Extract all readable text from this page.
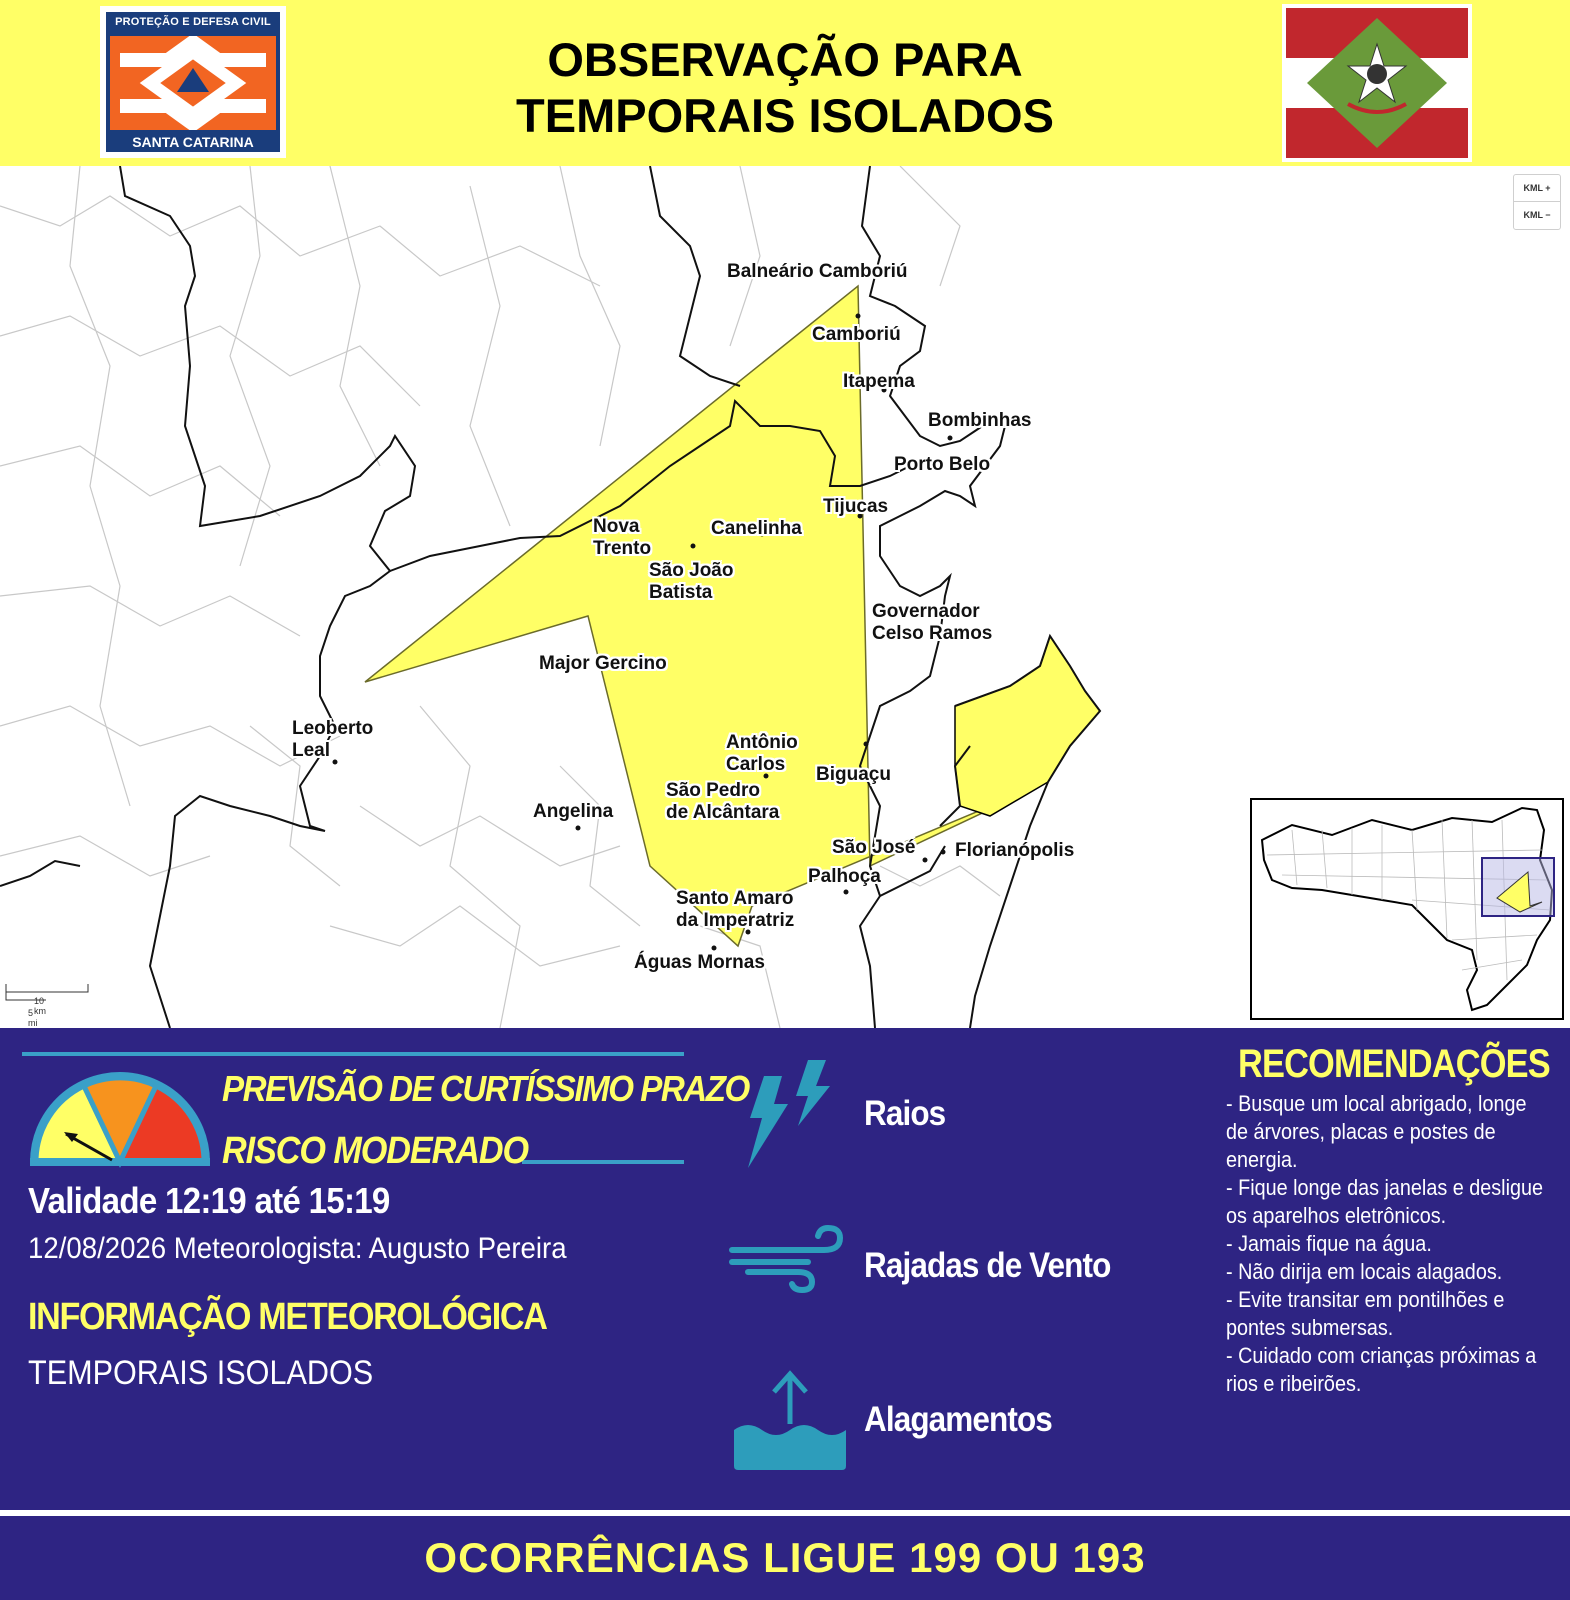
PROTEÇÃO E DEFESA CIVIL
SANTA CATARINA
OBSERVAÇÃO PARA
TEMPORAIS ISOLADOS
KML +
KML −
10 km
5 mi
Balneário Camboriú
Camboriú
Itapema
Bombinhas
Porto Belo
Tijucas
Nova
Trento
Canelinha
São João
Batista
Governador
Celso Ramos
Major Gercino
Leoberto
Leal	Antônio
Carlos	Biguaçu
São Pedro
de Alcântara
Angelina
São José Florianópolis
Palhoça
Santo Amaro
da Imperatriz
Águas Mornas
PREVISÃO DE CURTÍSSIMO PRAZO
RISCO MODERADO
Validade 12:19 até 15:19
12/08/2026 Meteorologista: Augusto Pereira
INFORMAÇÃO METEOROLÓGICA
TEMPORAIS ISOLADOS
Raios
Rajadas de Vento
Alagamentos
RECOMENDAÇÕES
- Busque um local abrigado, longe de árvores, placas e postes de energia.
- Fique longe das janelas e desligue os aparelhos eletrônicos.
- Jamais fique na água.
- Não dirija em locais alagados.
- Evite transitar em pontilhões e pontes submersas.
- Cuidado com crianças próximas a rios e ribeirões.
OCORRÊNCIAS LIGUE 199 OU 193
